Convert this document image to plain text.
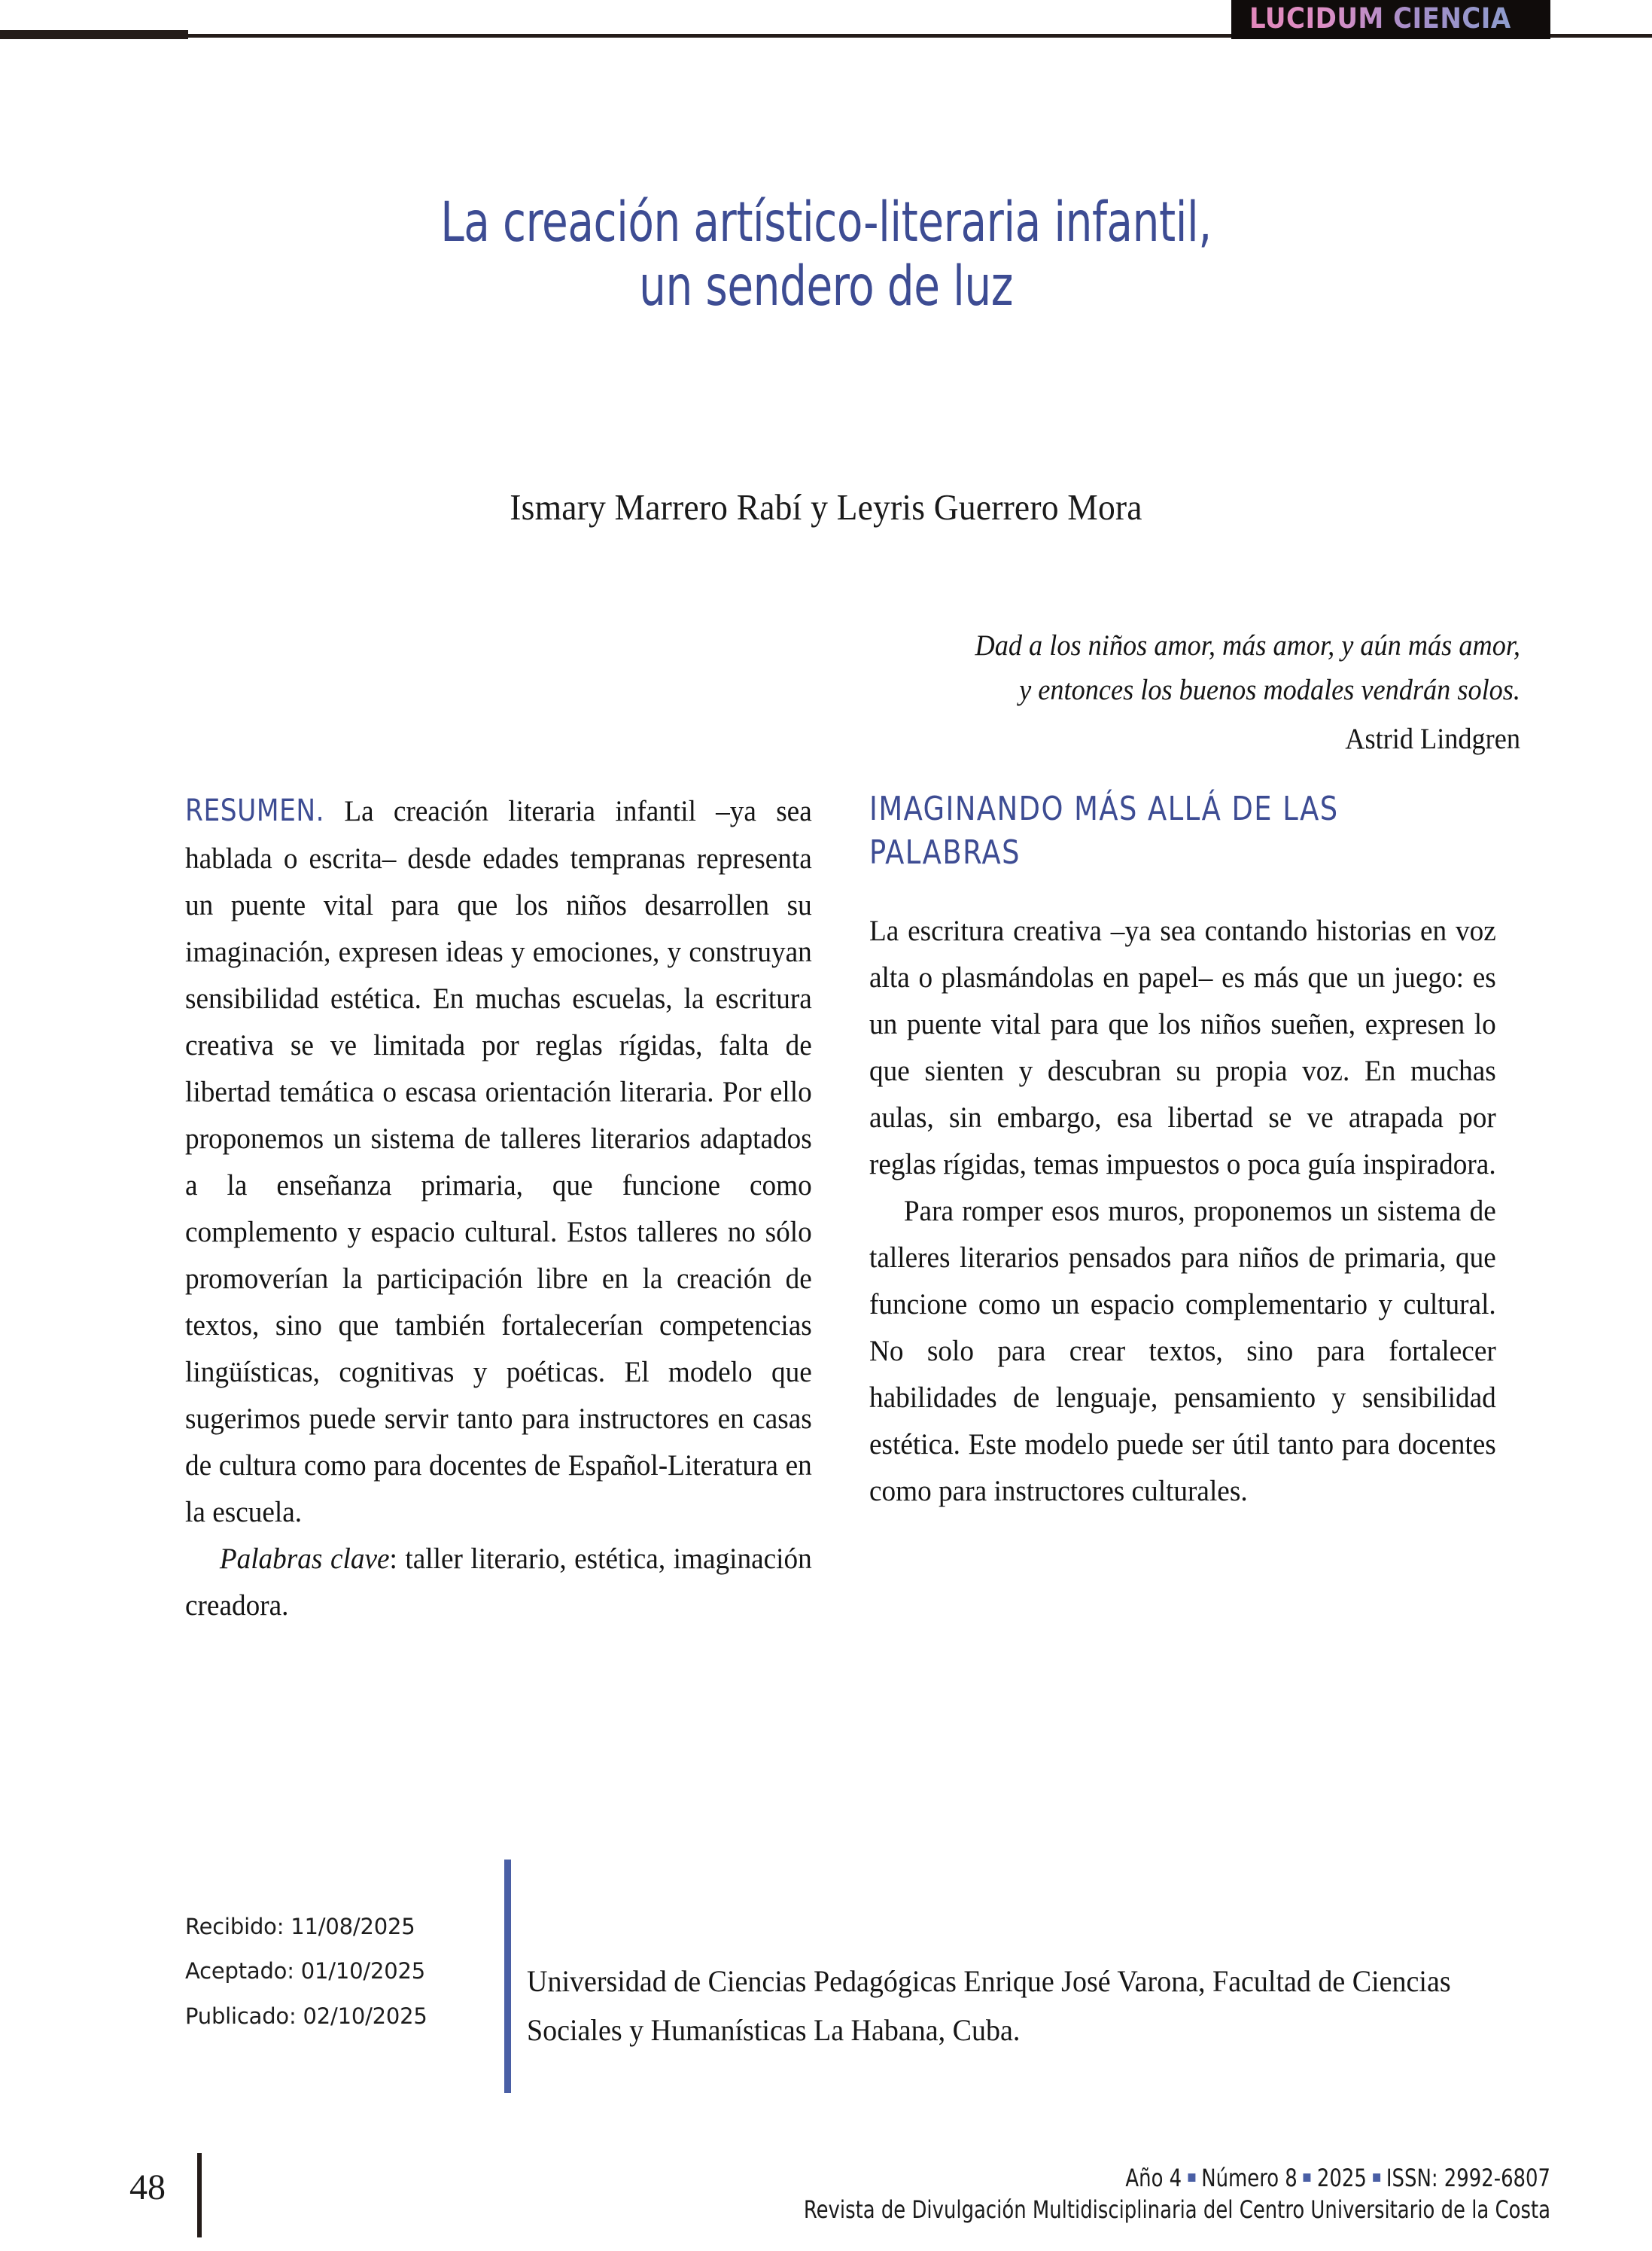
LUCIDUM CIENCIA
La creación artístico-literaria infantil,
un sendero de luz
Ismary Marrero Rabí y Leyris Guerrero Mora
Dad a los niños amor, más amor, y aún más amor,
y entonces los buenos modales vendrán solos.
Astrid Lindgren

RESUMEN. La creación literaria infantil –ya sea hablada o escrita– desde edades tempranas representa un puente vital para que los niños desarrollen su imaginación, expresen ideas y emociones, y construyan sensibilidad estética. En muchas escuelas, la escritura creativa se ve limitada por reglas rígidas, falta de libertad temática o escasa orientación literaria. Por ello proponemos un sistema de talleres literarios adaptados a la enseñanza primaria, que funcione como complemento y espacio cultural. Estos talleres no sólo promoverían la participación libre en la creación de textos, sino que también fortalecerían competencias lingüísticas, cognitivas y poéticas. El modelo que sugerimos puede servir tanto para instructores en casas de cultura como para docentes de Español-Literatura en la escuela.

Palabras clave: taller literario, estética, imaginación creadora.

IMAGINANDO MÁS ALLÁ DE LAS PALABRAS

La escritura creativa –ya sea contando historias en voz alta o plasmándolas en papel– es más que un juego: es un puente vital para que los niños sueñen, expresen lo que sienten y descubran su propia voz. En muchas aulas, sin embargo, esa libertad se ve atrapada por reglas rígidas, temas impuestos o poca guía inspiradora.

Para romper esos muros, proponemos un sistema de talleres literarios pensados para niños de primaria, que funcione como un espacio complementario y cultural. No solo para crear textos, sino para fortalecer habilidades de lenguaje, pensamiento y sensibilidad estética. Este modelo puede ser útil tanto para docentes como para instructores culturales.

Recibido: 11/08/2025
Aceptado: 01/10/2025
Publicado: 02/10/2025
Universidad de Ciencias Pedagógicas Enrique José Varona, Facultad de Ciencias Sociales y Humanísticas La Habana, Cuba.
48	Año 4 Número 8 2025 ISSN: 2992-6807
Revista de Divulgación Multidisciplinaria del Centro Universitario de la Costa
